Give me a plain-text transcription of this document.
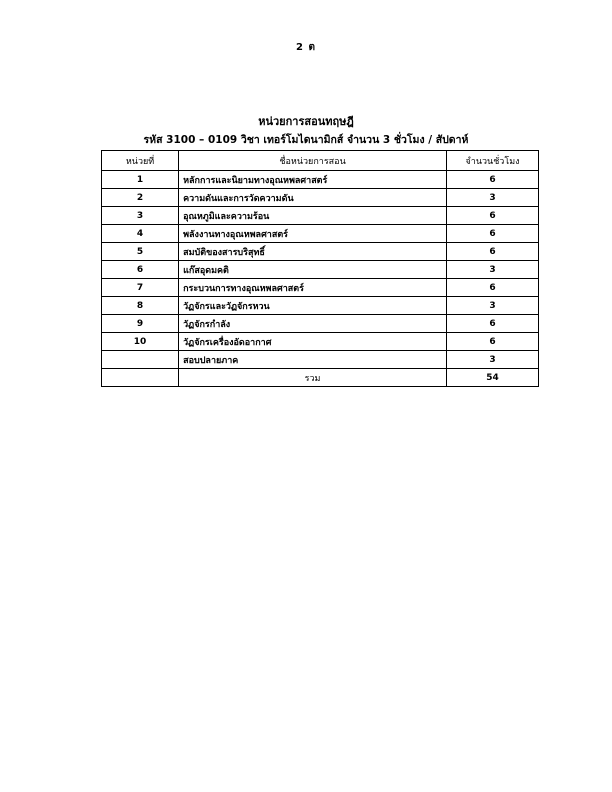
2 ต
หน่วยการสอนทฤษฎี
รหัส 3100 – 0109 วิชา เทอร์โมไดนามิกส์ จำนวน 3 ชั่วโมง / สัปดาห์
หน่วยที่	ชื่อหน่วยการสอน	จำนวนชั่วโมง
1	หลักการและนิยามทางอุณหพลศาสตร์	6
2	ความดันและการวัดความดัน	3
3	อุณหภูมิและความร้อน	6
4	พลังงานทางอุณหพลศาสตร์	6
5	สมบัติของสารบริสุทธิ์	6
6	แก๊สอุดมคติ	3
7	กระบวนการทางอุณหพลศาสตร์	6
8	วัฏจักรและวัฏจักรหวน	3
9	วัฏจักรกำลัง	6
10	วัฏจักรเครื่องอัดอากาศ	6
	สอบปลายภาค	3
	รวม	54
